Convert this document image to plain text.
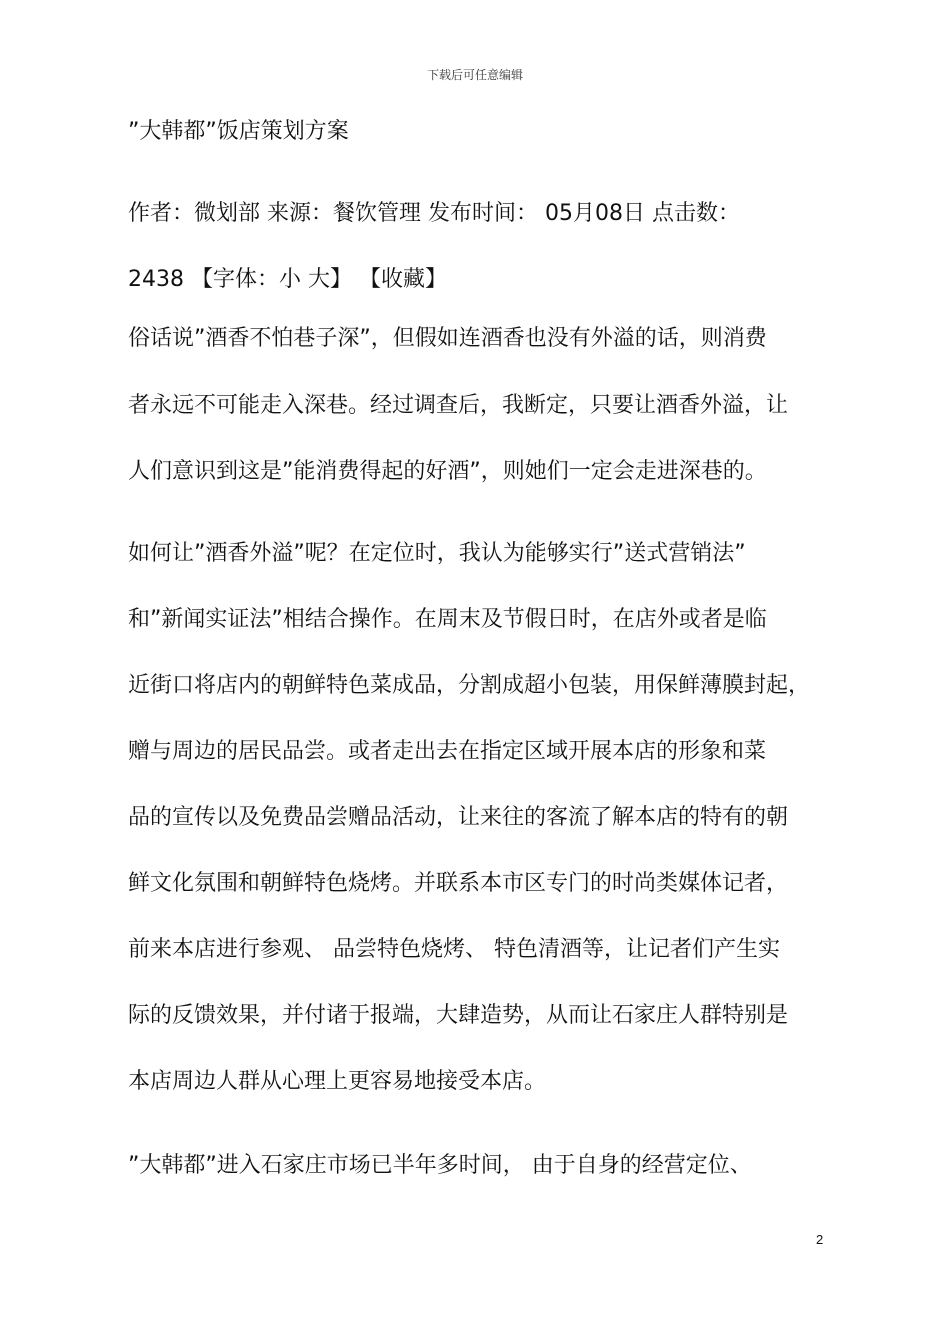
下载后可任意编辑
”大韩都”饭店策划方案
作者：微划部 来源：餐饮管理 发布时间： 05月08日 点击数：
2438 【字体：小 大】 【收藏】
俗话说”酒香不怕巷子深”，但假如连酒香也没有外溢的话，则消费
者永远不可能走入深巷。经过调查后，我断定，只要让酒香外溢，让
人们意识到这是”能消费得起的好酒”，则她们一定会走进深巷的。
如何让”酒香外溢”呢？在定位时，我认为能够实行”送式营销法”
和”新闻实证法”相结合操作。在周末及节假日时，在店外或者是临
近街口将店内的朝鲜特色菜成品，分割成超小包装，用保鲜薄膜封起，
赠与周边的居民品尝。或者走出去在指定区域开展本店的形象和菜
品的宣传以及免费品尝赠品活动，让来往的客流了解本店的特有的朝
鲜文化氛围和朝鲜特色烧烤。并联系本市区专门的时尚类媒体记者，
前来本店进行参观、 品尝特色烧烤、 特色清酒等，让记者们产生实
际的反馈效果，并付诸于报端，大肆造势，从而让石家庄人群特别是
本店周边人群从心理上更容易地接受本店。
”大韩都”进入石家庄市场已半年多时间， 由于自身的经营定位、
2
